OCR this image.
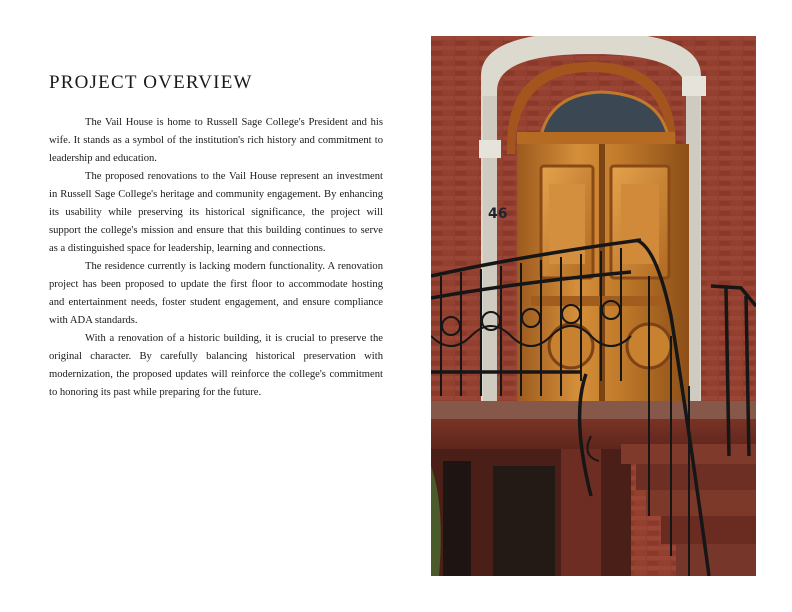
PROJECT OVERVIEW

The Vail House is home to Russell Sage College's President and his wife. It stands as a symbol of the institution's rich history and commitment to leadership and education.

The proposed renovations to the Vail House represent an investment in Russell Sage College's heritage and community engagement. By enhancing its usability while preserving its historical significance, the project will support the college's mission and ensure that this building continues to serve as a distinguished space for leadership, learning and connections.

The residence currently is lacking modern functionality. A renovation project has been proposed to update the first floor to accommodate hosting and entertainment needs, foster student engagement, and ensure compliance with ADA standards.

With a renovation of a historic building, it is crucial to preserve the original character. By carefully balancing historical preservation with modernization, the proposed updates will reinforce the college's commitment to honoring its past while preparing for the future.

46
